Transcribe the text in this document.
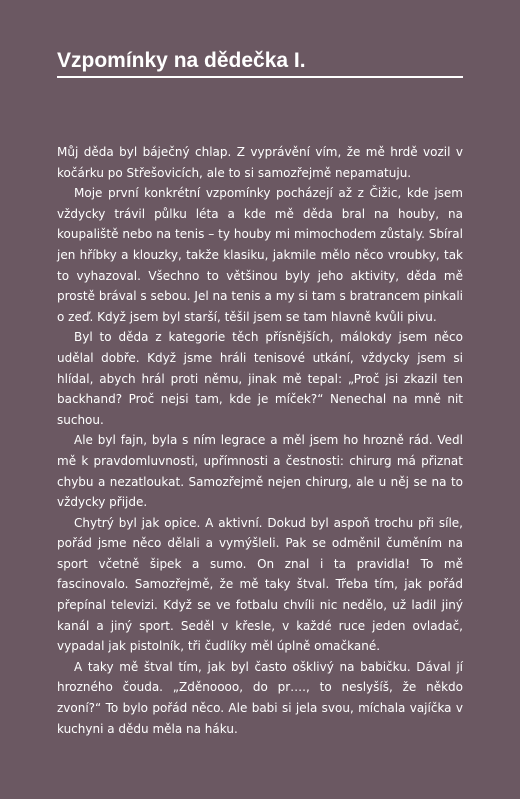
Vzpomínky na dědečka I.

Můj děda byl báječný chlap. Z vyprávění vím, že mě hrdě vozil v kočárku po Střešovicích, ale to si samozřejmě nepamatuju.

Moje první konkrétní vzpomínky pocházejí až z Čižic, kde jsem vždycky trávil půlku léta a kde mě děda bral na houby, na koupaliště nebo na tenis – ty houby mi mimochodem zůstaly. Sbíral jen hříbky a klouzky, takže klasiku, jakmile mělo něco vroubky, tak to vyhazoval. Všechno to většinou byly jeho aktivity, děda mě prostě brával s sebou. Jel na tenis a my si tam s bratrancem pinkali o zeď. Když jsem byl starší, těšil jsem se tam hlavně kvůli pivu.

Byl to děda z kategorie těch přísnějších, málokdy jsem něco udělal dobře. Když jsme hráli tenisové utkání, vždycky jsem si hlídal, abych hrál proti němu, jinak mě tepal: „Proč jsi zkazil ten backhand? Proč nejsi tam, kde je míček?“ Nenechal na mně nit suchou.

Ale byl fajn, byla s ním legrace a měl jsem ho hrozně rád. Vedl mě k pravdomluvnosti, upřímnosti a čestnosti: chirurg má přiznat chybu a nezatloukat. Samozřejmě nejen chirurg, ale u něj se na to vždycky přijde.

Chytrý byl jak opice. A aktivní. Dokud byl aspoň trochu při síle, pořád jsme něco dělali a vymýšleli. Pak se odměnil čuměním na sport včetně šipek a sumo. On znal i ta pravidla! To mě fascinovalo. Samozřejmě, že mě taky štval. Třeba tím, jak pořád přepínal televizi. Když se ve fotbalu chvíli nic nedělo, už ladil jiný kanál a jiný sport. Seděl v křesle, v každé ruce jeden ovladač, vypadal jak pistolník, tři čudlíky měl úplně omačkané.

A taky mě štval tím, jak byl často ošklivý na babičku. Dával jí hrozného čouda. „Zděnoooo, do pr…., to neslyšíš, že někdo zvoní?“ To bylo pořád něco. Ale babi si jela svou, míchala vajíčka v kuchyni a dědu měla na háku.
